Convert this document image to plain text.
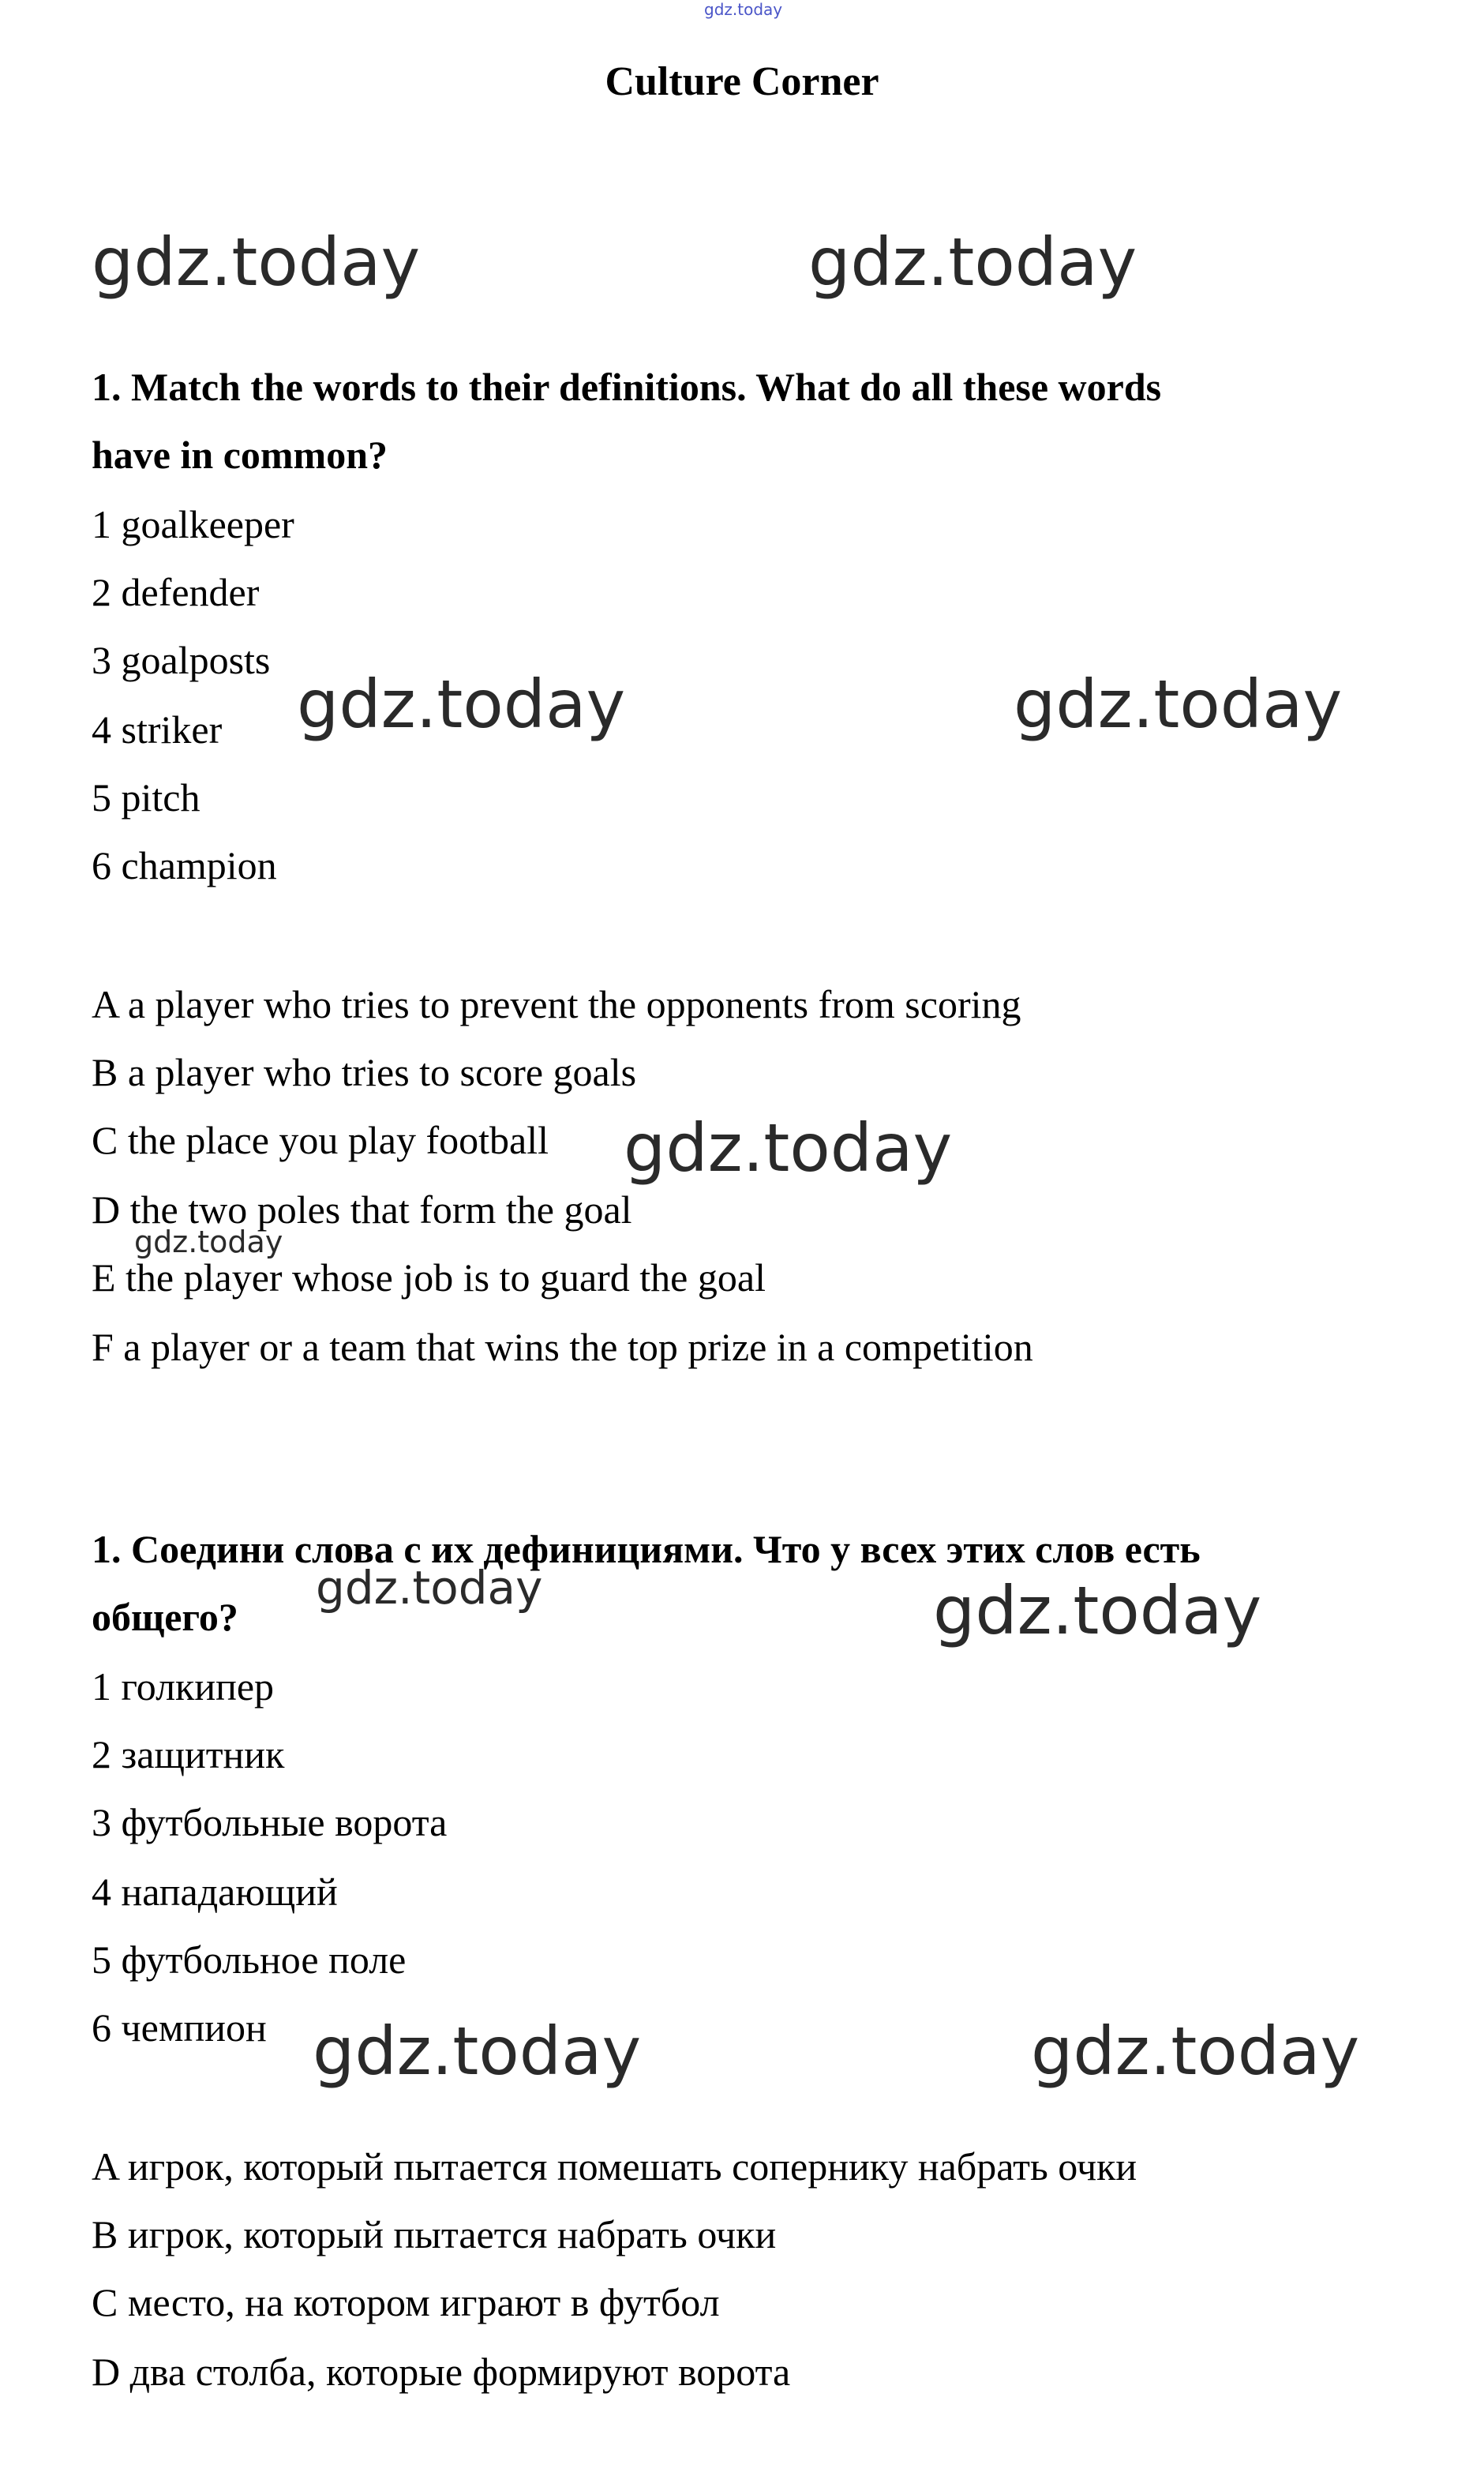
gdz.today
Culture Corner
gdz.today	gdz.today
gdz.today	gdz.today
gdz.today
gdz.today
gdz.today	gdz.today
gdz.today	gdz.today
1. Match the words to their definitions. What do all these words
have in common?
1 goalkeeper
2 defender
3 goalposts
4 striker
5 pitch
6 champion
A a player who tries to prevent the opponents from scoring
B a player who tries to score goals
C the place you play football
D the two poles that form the goal
E the player whose job is to guard the goal
F a player or a team that wins the top prize in a competition
1. Соедини слова с их дефинициями. Что у всех этих слов есть
общего?
1 голкипер
2 защитник
3 футбольные ворота
4 нападающий
5 футбольное поле
6 чемпион
A игрок, который пытается помешать сопернику набрать очки
B игрок, который пытается набрать очки
C место, на котором играют в футбол
D два столба, которые формируют ворота
